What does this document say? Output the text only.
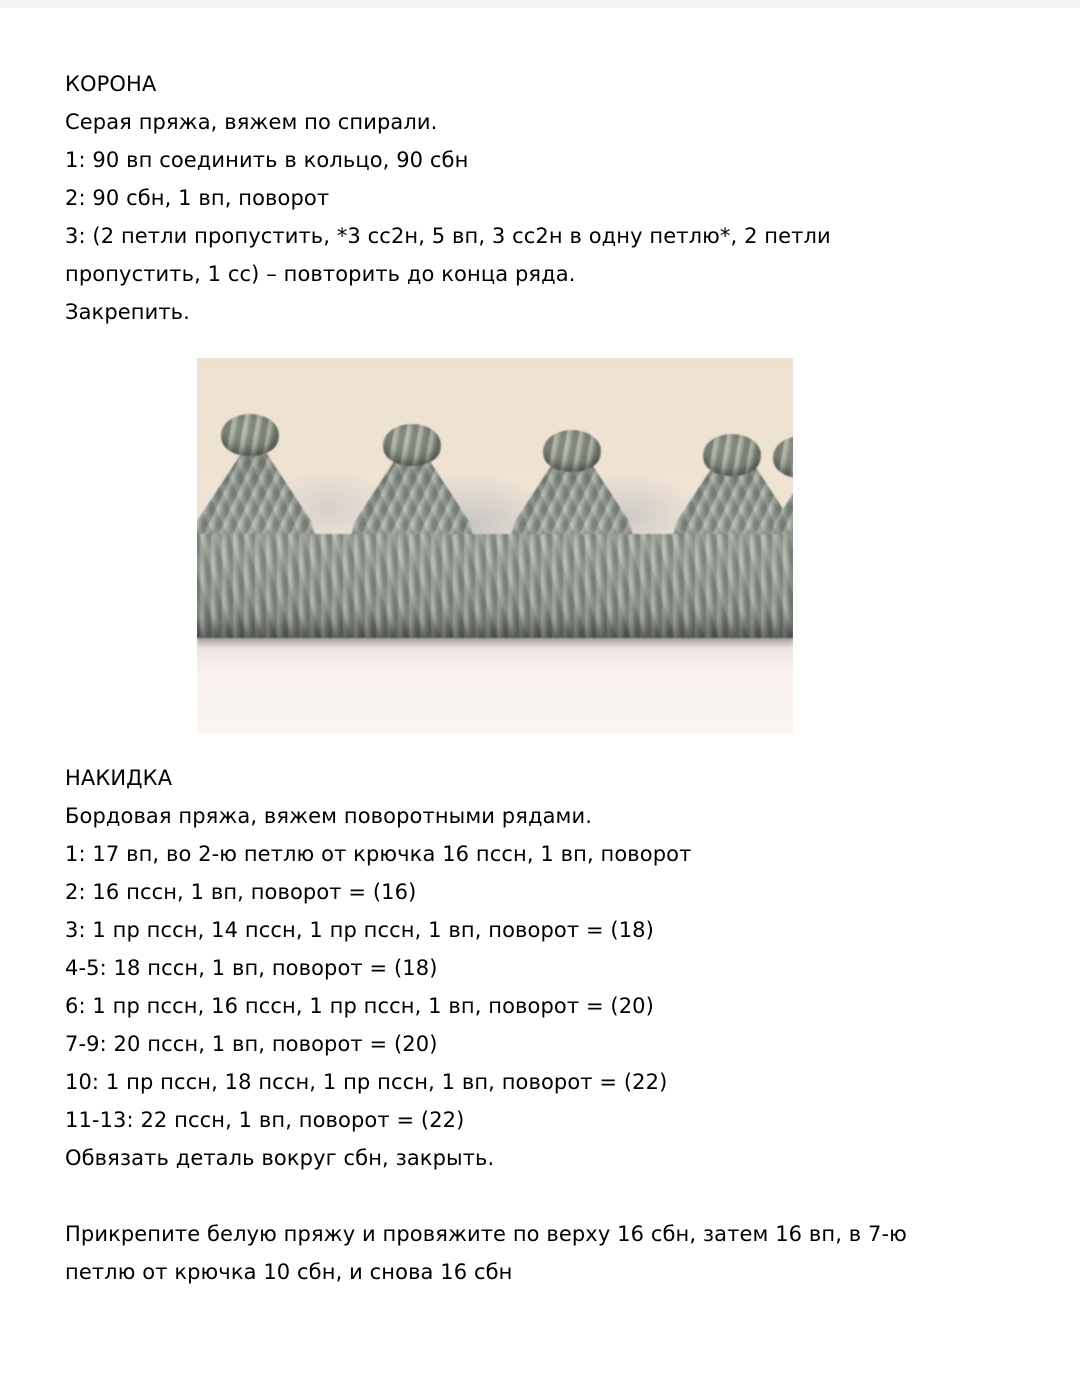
КОРОНА
Серая пряжа, вяжем по спирали.
1: 90 вп соединить в кольцо, 90 сбн
2: 90 сбн, 1 вп, поворот
3: (2 петли пропустить, *3 сс2н, 5 вп, 3 сс2н в одну петлю*, 2 петли пропустить, 1 сс) – повторить до конца ряда.
Закрепить.
НАКИДКА
Бордовая пряжа, вяжем поворотными рядами.
1: 17 вп, во 2-ю петлю от крючка 16 пссн, 1 вп, поворот
2: 16 пссн, 1 вп, поворот = (16)
3: 1 пр пссн, 14 пссн, 1 пр пссн, 1 вп, поворот = (18)
4-5: 18 пссн, 1 вп, поворот = (18)
6: 1 пр пссн, 16 пссн, 1 пр пссн, 1 вп, поворот = (20)
7-9: 20 пссн, 1 вп, поворот = (20)
10: 1 пр пссн, 18 пссн, 1 пр пссн, 1 вп, поворот = (22)
11-13: 22 пссн, 1 вп, поворот = (22)
Обвязать деталь вокруг сбн, закрыть.
Прикрепите белую пряжу и провяжите по верху 16 сбн, затем 16 вп, в 7-ю петлю от крючка 10 сбн, и снова 16 сбн
